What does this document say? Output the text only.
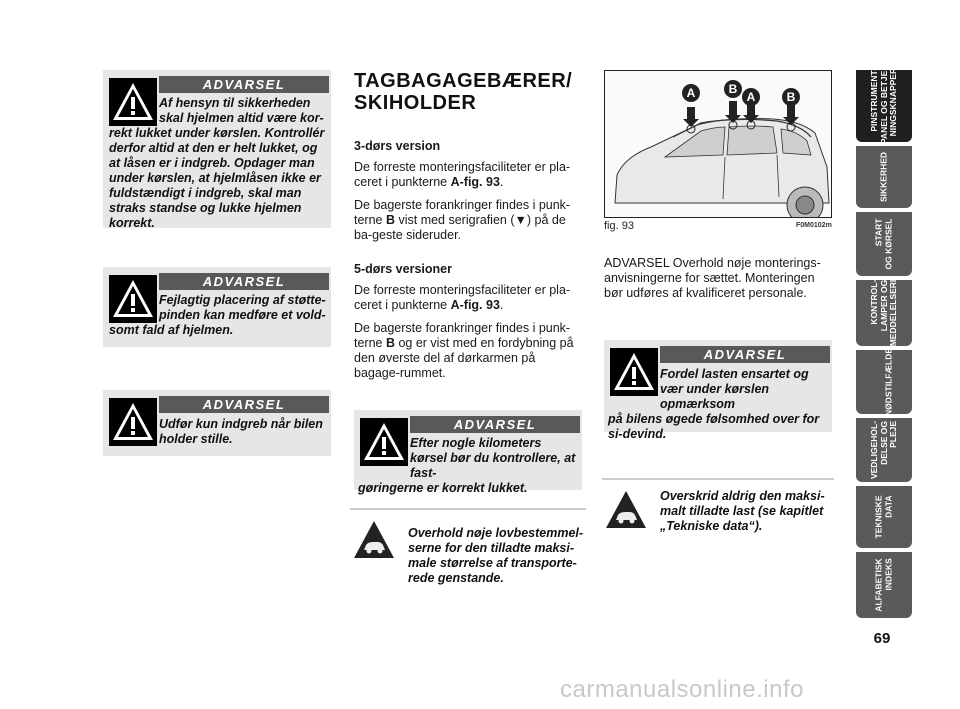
ADVARSEL
Af hensyn til sikkerheden skal hjelmen altid være kor-
rekt lukket under kørslen. Kontrollér derfor altid at den er helt lukket, og at låsen er i indgreb. Opdager man under kørslen, at hjelmlåsen ikke er fuldstændigt i indgreb, skal man straks standse og lukke hjelmen korrekt.
ADVARSEL
Fejlagtig placering af støtte-pinden kan medføre et vold-
somt fald af hjelmen.
ADVARSEL
Udfør kun indgreb når bilen holder stille.
TAGBAGAGEBÆRER/
SKIHOLDER
3-dørs version

De forreste monteringsfaciliteter er pla-ceret i punkterne A-fig. 93.

De bagerste forankringer findes i punk-terne B vist med serigrafien (▼) på de ba-geste sideruder.

5-dørs versioner

De forreste monteringsfaciliteter er pla-ceret i punkterne A-fig. 93.

De bagerste forankringer findes i punk-terne B og er vist med en fordybning på den øverste del af dørkarmen på bagage-rummet.

ADVARSEL
Efter nogle kilometers kørsel bør du kontrollere, at fast-
gøringerne er korrekt lukket.
Overhold nøje lovbestemmel-serne for den tilladte maksi-male størrelse af transporte-rede genstande.
A	B
A	B
fig. 93	F0M0102m

ADVARSEL Overhold nøje monterings-anvisningerne for sættet. Monteringen bør udføres af kvalificeret personale.

ADVARSEL
Fordel lasten ensartet og vær under kørslen opmærksom
på bilens øgede følsomhed over for si-devind.
Overskrid aldrig den maksi-malt tilladte last (se kapitlet „Tekniske data“).
PINSTRUMENT-
PANEL OG BETJE-
NINGSKNAPPER
SIKKERHED
START
OG KØRSEL
KONTROL-
LAMPER OG
MEDDELELSERI
I
NØDSTILFÆLDE
VEDLIGEHOL-
DELSE OG
PLEJE
TEKNISKE
DATA
ALFABETISK
INDEKS
69
carmanualsonline.info
